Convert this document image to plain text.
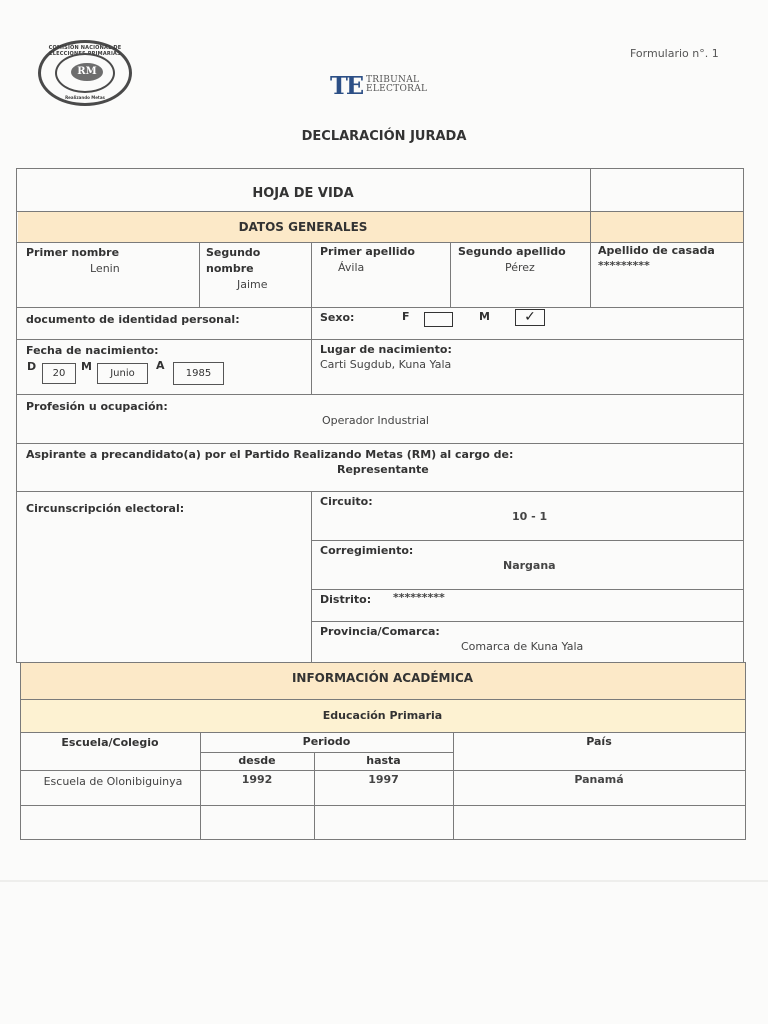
COMISIÓN NACIONAL DE ELECCIONES PRIMARIAS
RM
Realizando Metas
Formulario n°. 1
TE TRIBUNAL
ELECTORAL
DECLARACIÓN JURADA
HOJA DE VIDA
DATOS GENERALES
Primer nombre
Lenin
Segundo
nombre
Jaime
Primer apellido
Ávila
Segundo apellido
Pérez
Apellido de casada
*********
documento de identidad personal:	Sexo:	F	M	✓
Fecha de nacimiento:
D
20
M
Junio
A
1985
Lugar de nacimiento:
Carti Sugdub, Kuna Yala
Profesión u ocupación:
Operador Industrial
Aspirante a precandidato(a) por el Partido Realizando Metas (RM) al cargo de:
Representante
Circunscripción electoral:
Circuito:
10 - 1
Corregimiento:
Nargana
Distrito: *********
Provincia/Comarca:
Comarca de Kuna Yala
INFORMACIÓN ACADÉMICA
Educación Primaria
Escuela/Colegio	Periodo
desde	hasta
País
Escuela de Olonibiguinya	1992	1997	Panamá
